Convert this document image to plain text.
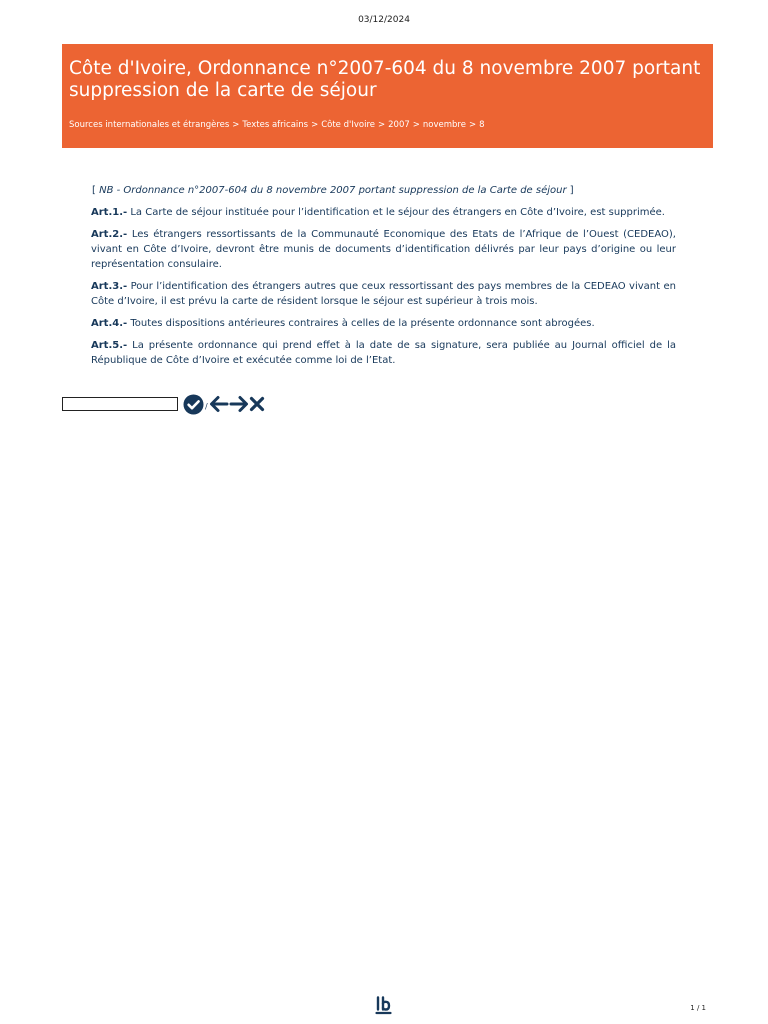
03/12/2024
Côte d'Ivoire, Ordonnance n°2007-604 du 8 novembre 2007 portant suppression de la carte de séjour
Sources internationales et étrangères > Textes africains > Côte d'Ivoire > 2007 > novembre > 8

[ NB - Ordonnance n°2007-604 du 8 novembre 2007 portant suppression de la Carte de séjour ]

Art.1.- La Carte de séjour instituée pour l’identification et le séjour des étrangers en Côte d’Ivoire, est supprimée.

Art.2.- Les étrangers ressortissants de la Communauté Economique des Etats de l’Afrique de l’Ouest (CEDEAO), vivant en Côte d’Ivoire, devront être munis de documents d’identification délivrés par leur pays d’origine ou leur représentation consulaire.

Art.3.- Pour l’identification des étrangers autres que ceux ressortissant des pays membres de la CEDEAO vivant en Côte d’Ivoire, il est prévu la carte de résident lorsque le séjour est supérieur à trois mois.

Art.4.- Toutes dispositions antérieures contraires à celles de la présente ordonnance sont abrogées.

Art.5.- La présente ordonnance qui prend effet à la date de sa signature, sera publiée au Journal officiel de la République de Côte d’Ivoire et exécutée comme loi de l’Etat.

/
1 / 1
